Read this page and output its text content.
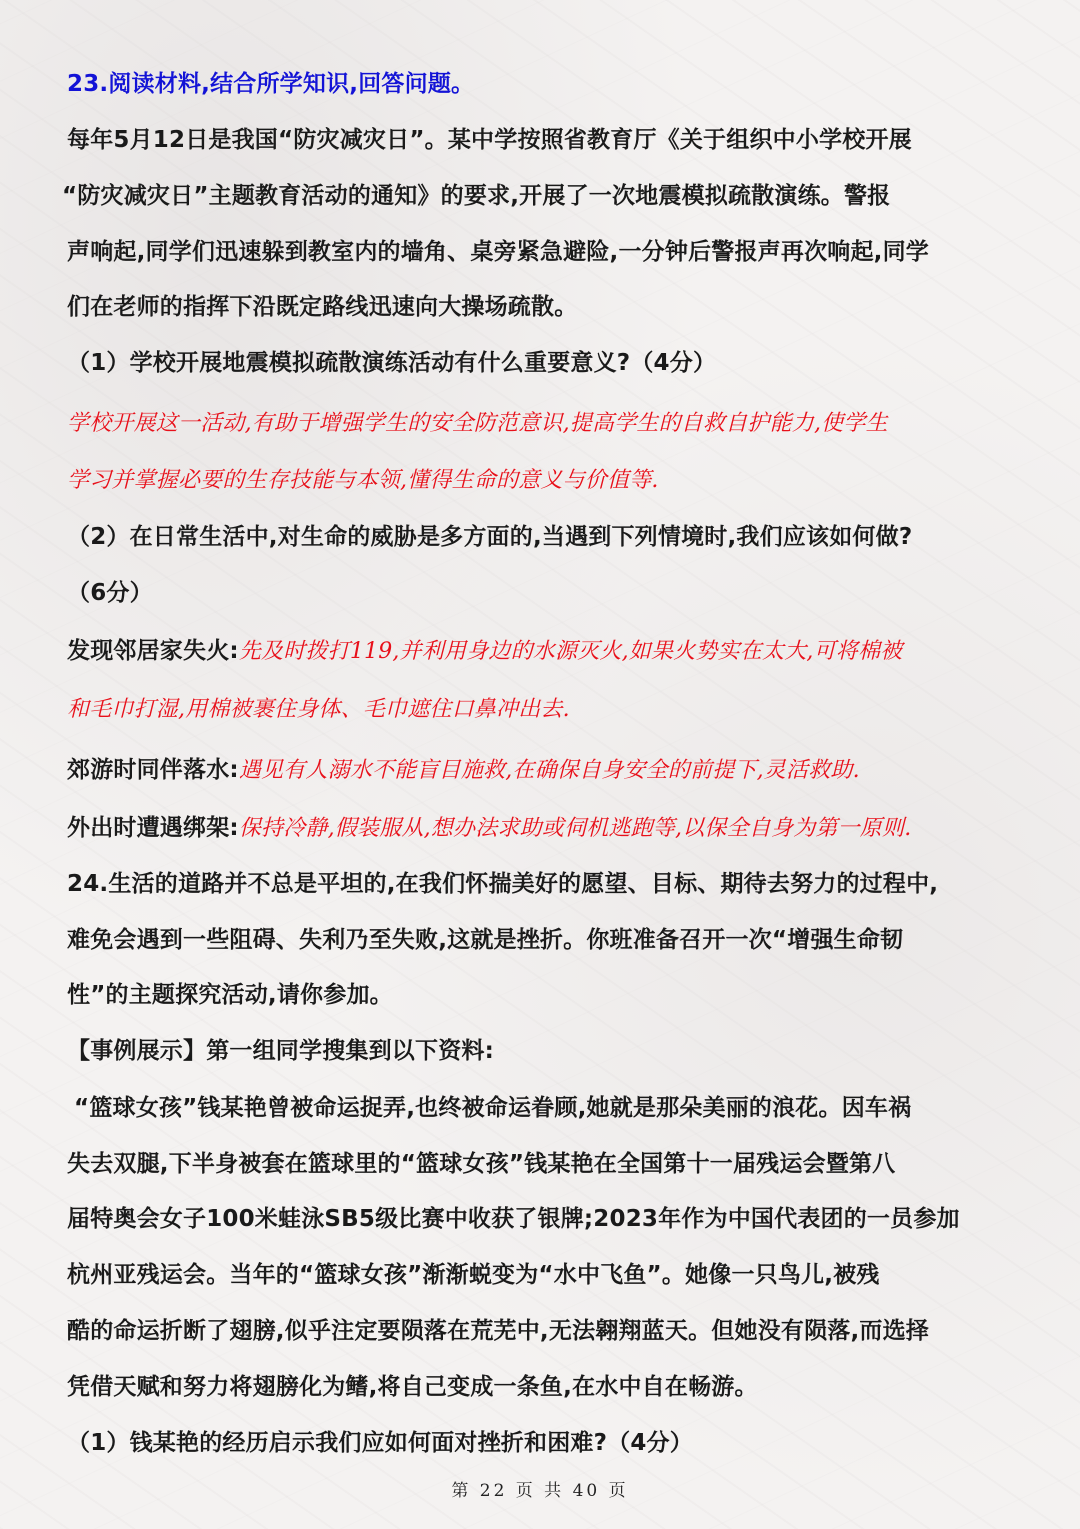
23.阅读材料,结合所学知识,回答问题。
每年5月12日是我国“防灾减灾日”。某中学按照省教育厅《关于组织中小学校开展
“防灾减灾日”主题教育活动的通知》的要求,开展了一次地震模拟疏散演练。警报
声响起,同学们迅速躲到教室内的墙角、桌旁紧急避险,一分钟后警报声再次响起,同学
们在老师的指挥下沿既定路线迅速向大操场疏散。
（1）学校开展地震模拟疏散演练活动有什么重要意义?（4分）
学校开展这一活动,有助于增强学生的安全防范意识,提高学生的自救自护能力,使学生
学习并掌握必要的生存技能与本领,懂得生命的意义与价值等.
（2）在日常生活中,对生命的威胁是多方面的,当遇到下列情境时,我们应该如何做?
（6分）
发现邻居家失火:先及时拨打119,并利用身边的水源灭火,如果火势实在太大,可将棉被
和毛巾打湿,用棉被裹住身体、毛巾遮住口鼻冲出去.
郊游时同伴落水:遇见有人溺水不能盲目施救,在确保自身安全的前提下,灵活救助.
外出时遭遇绑架:保持冷静,假装服从,想办法求助或伺机逃跑等,以保全自身为第一原则.
24.生活的道路并不总是平坦的,在我们怀揣美好的愿望、目标、期待去努力的过程中,
难免会遇到一些阻碍、失利乃至失败,这就是挫折。你班准备召开一次“增强生命韧
性”的主题探究活动,请你参加。
【事例展示】第一组同学搜集到以下资料:
“篮球女孩”钱某艳曾被命运捉弄,也终被命运眷顾,她就是那朵美丽的浪花。因车祸
失去双腿,下半身被套在篮球里的“篮球女孩”钱某艳在全国第十一届残运会暨第八
届特奥会女子100米蛙泳SB5级比赛中收获了银牌;2023年作为中国代表团的一员参加
杭州亚残运会。当年的“篮球女孩”渐渐蜕变为“水中飞鱼”。她像一只鸟儿,被残
酷的命运折断了翅膀,似乎注定要陨落在荒芜中,无法翱翔蓝天。但她没有陨落,而选择
凭借天赋和努力将翅膀化为鳍,将自己变成一条鱼,在水中自在畅游。
（1）钱某艳的经历启示我们应如何面对挫折和困难?（4分）
第 22 页 共 40 页
